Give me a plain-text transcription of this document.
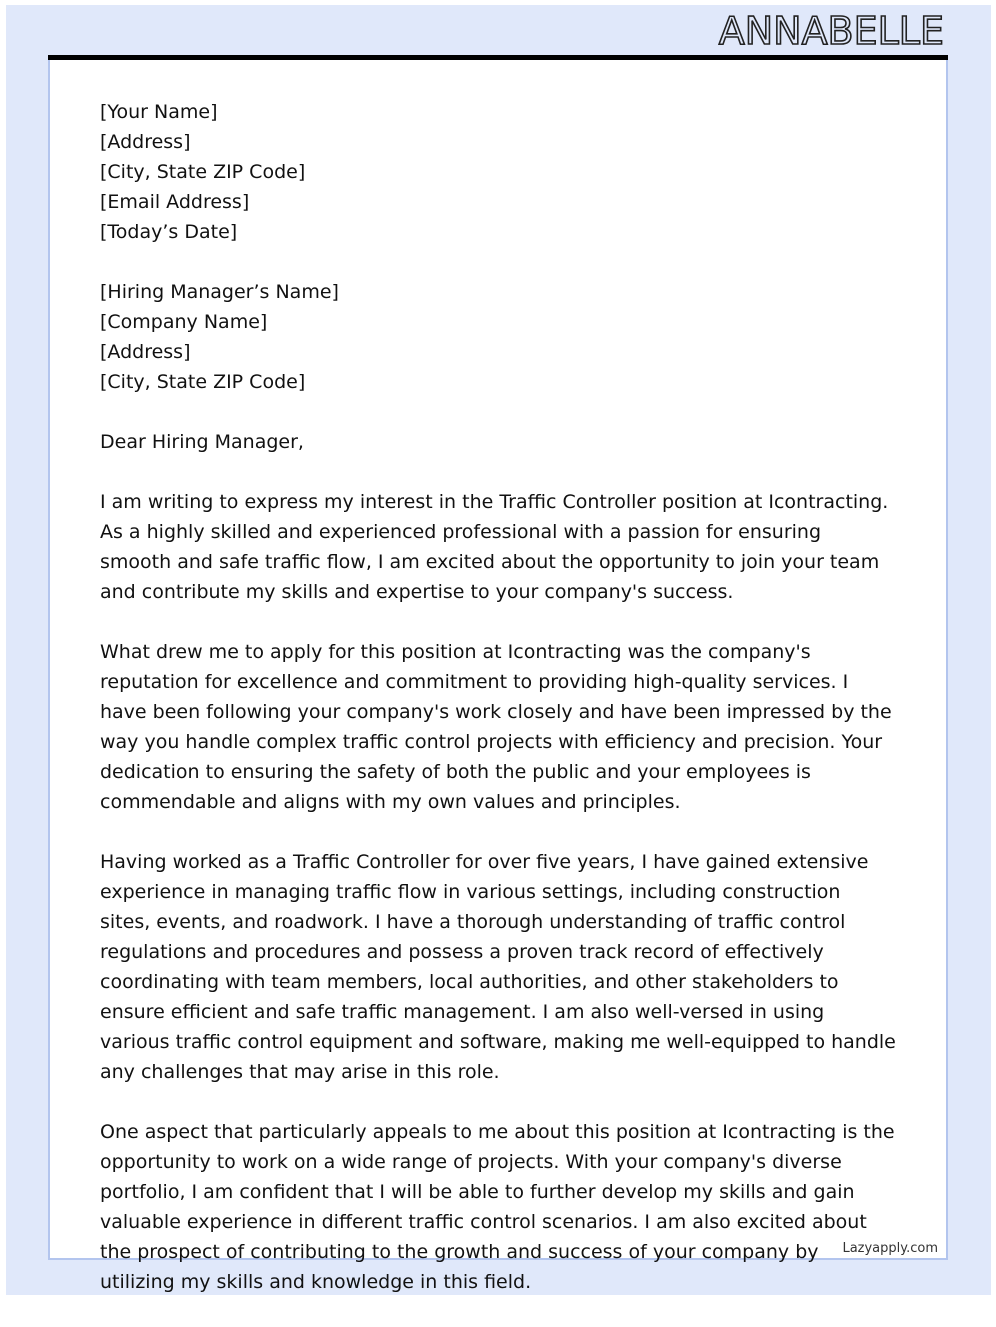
ANNABELLE

[Your Name]
[Address]
[City, State ZIP Code]
[Email Address]
[Today’s Date]

[Hiring Manager’s Name]
[Company Name]
[Address]
[City, State ZIP Code]

Dear Hiring Manager,

I am writing to express my interest in the Traffic Controller position at Icontracting. As a highly skilled and experienced professional with a passion for ensuring smooth and safe traffic flow, I am excited about the opportunity to join your team and contribute my skills and expertise to your company's success.

What drew me to apply for this position at Icontracting was the company's reputation for excellence and commitment to providing high-quality services. I have been following your company's work closely and have been impressed by the way you handle complex traffic control projects with efficiency and precision. Your dedication to ensuring the safety of both the public and your employees is commendable and aligns with my own values and principles.

Having worked as a Traffic Controller for over five years, I have gained extensive experience in managing traffic flow in various settings, including construction sites, events, and roadwork. I have a thorough understanding of traffic control regulations and procedures and possess a proven track record of effectively coordinating with team members, local authorities, and other stakeholders to ensure efficient and safe traffic management. I am also well-versed in using various traffic control equipment and software, making me well-equipped to handle any challenges that may arise in this role.

One aspect that particularly appeals to me about this position at Icontracting is the opportunity to work on a wide range of projects. With your company's diverse portfolio, I am confident that I will be able to further develop my skills and gain valuable experience in different traffic control scenarios. I am also excited about the prospect of contributing to the growth and success of your company by utilizing my skills and knowledge in this field.

Lazyapply.com
